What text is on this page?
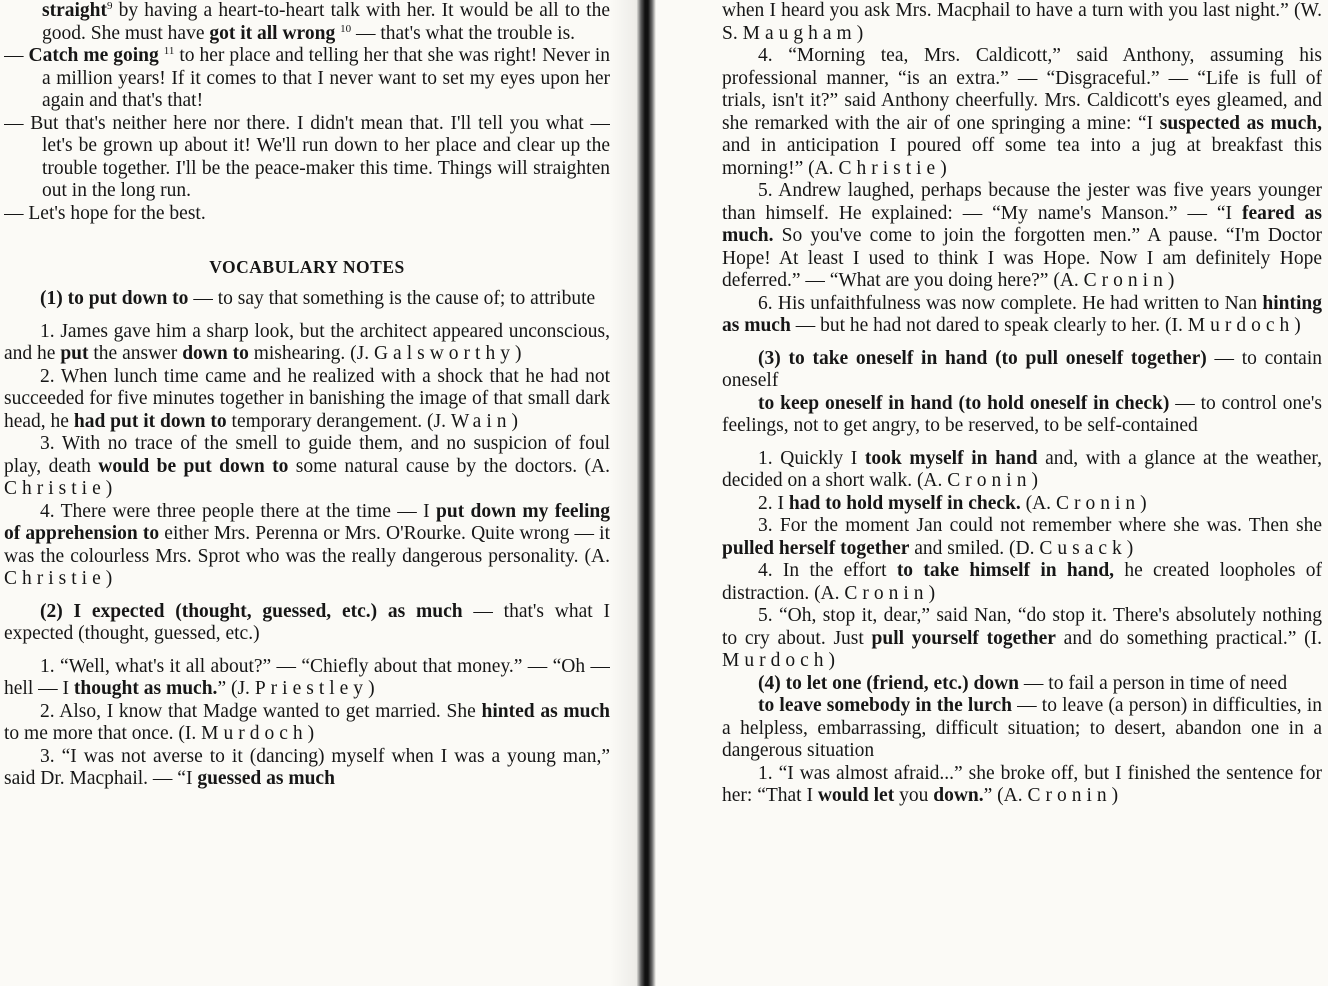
straight$^9$ by having a heart-to-heart talk with her. It would be all to the good. She must have got it all wrong $^{10}$ — that's what the trouble is.

— Catch me going $^{11}$ to her place and telling her that she was right! Never in a million years! If it comes to that I never want to set my eyes upon her again and that's that!

— But that's neither here nor there. I didn't mean that. I'll tell you what — let's be grown up about it! We'll run down to her place and clear up the trouble together. I'll be the peace-maker this time. Things will straighten out in the long run.

— Let's hope for the best.

VOCABULARY NOTES

(1) to put down to — to say that something is the cause of; to attribute

1. James gave him a sharp look, but the architect appeared unconscious, and he put the answer down to mishearing. (J. Galsworthy)

2. When lunch time came and he realized with a shock that he had not succeeded for five minutes together in banishing the image of that small dark head, he had put it down to temporary derangement. (J. Wain)

3. With no trace of the smell to guide them, and no suspicion of foul play, death would be put down to some natural cause by the doctors. (A. Christie)

4. There were three people there at the time — I put down my feeling of apprehension to either Mrs. Perenna or Mrs. O'Rourke. Quite wrong — it was the colourless Mrs. Sprot who was the really dangerous personality. (A. Christie)

(2) I expected (thought, guessed, etc.) as much — that's what I expected (thought, guessed, etc.)

1. “Well, what's it all about?” — “Chiefly about that money.” — “Oh — hell — I thought as much.” (J. Priestley)

2. Also, I know that Madge wanted to get married. She hinted as much to me more that once. (I. Murdoch)

3. “I was not averse to it (dancing) myself when I was a young man,” said Dr. Macphail. — “I guessed as much

when I heard you ask Mrs. Macphail to have a turn with you last night.” (W. S. Maugham)

4. “Morning tea, Mrs. Caldicott,” said Anthony, assuming his professional manner, “is an extra.” — “Disgraceful.” — “Life is full of trials, isn't it?” said Anthony cheerfully. Mrs. Caldicott's eyes gleamed, and she remarked with the air of one springing a mine: “I suspected as much, and in anticipation I poured off some tea into a jug at breakfast this morning!” (A. Christie)

5. Andrew laughed, perhaps because the jester was five years younger than himself. He explained: — “My name's Manson.” — “I feared as much. So you've come to join the forgotten men.” A pause. “I'm Doctor Hope! At least I used to think I was Hope. Now I am definitely Hope deferred.” — “What are you doing here?” (A. Cronin)

6. His unfaithfulness was now complete. He had written to Nan hinting as much — but he had not dared to speak clearly to her. (I. Murdoch)

(3) to take oneself in hand (to pull oneself together) — to contain oneself

to keep oneself in hand (to hold oneself in check) — to control one's feelings, not to get angry, to be reserved, to be self-contained

1. Quickly I took myself in hand and, with a glance at the weather, decided on a short walk. (A. Cronin)

2. I had to hold myself in check. (A. Cronin)

3. For the moment Jan could not remember where she was. Then she pulled herself together and smiled. (D. Cusack)

4. In the effort to take himself in hand, he created loopholes of distraction. (A. Cronin)

5. “Oh, stop it, dear,” said Nan, “do stop it. There's absolutely nothing to cry about. Just pull yourself together and do something practical.” (I. Murdoch)

(4) to let one (friend, etc.) down — to fail a person in time of need

to leave somebody in the lurch — to leave (a person) in difficulties, in a helpless, embarrassing, difficult situation; to desert, abandon one in a dangerous situation

1. “I was almost afraid...” she broke off, but I finished the sentence for her: “That I would let you down.” (A. Cronin)
